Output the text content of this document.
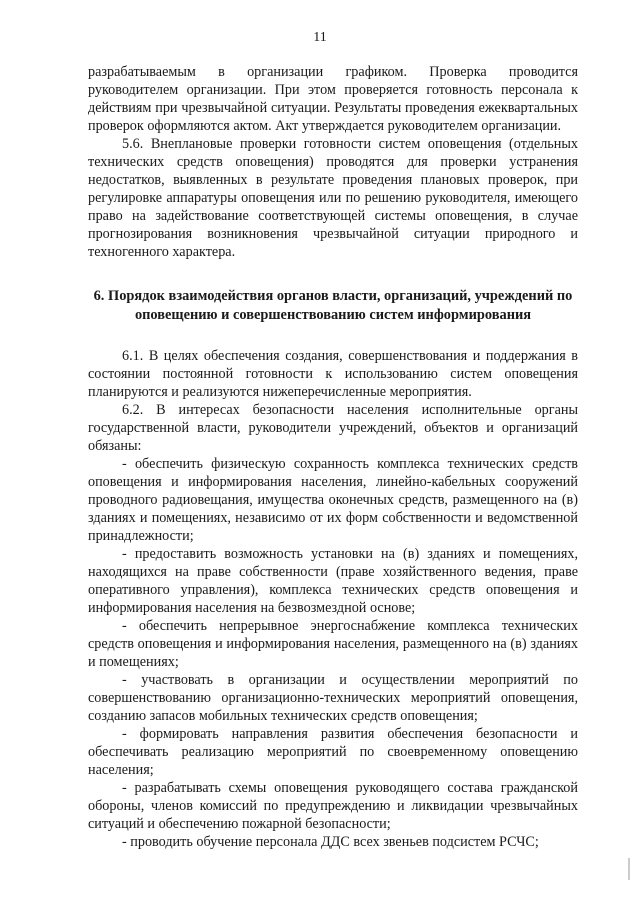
11

разрабатываемым в организации графиком. Проверка проводится руководителем организации. При этом проверяется готовность персонала к действиям при чрезвычайной ситуации. Результаты проведения ежеквартальных проверок оформляются актом. Акт утверждается руководителем организации.

5.6. Внеплановые проверки готовности систем оповещения (отдельных технических средств оповещения) проводятся для проверки устранения недостатков, выявленных в результате проведения плановых проверок, при регулировке аппаратуры оповещения или по решению руководителя, имеющего право на задействование соответствующей системы оповещения, в случае прогнозирования возникновения чрезвычайной ситуации природного и техногенного характера.

6. Порядок взаимодействия органов власти, организаций, учреждений по оповещению и совершенствованию систем информирования

6.1. В целях обеспечения создания, совершенствования и поддержания в состоянии постоянной готовности к использованию систем оповещения планируются и реализуются нижеперечисленные мероприятия.

6.2. В интересах безопасности населения исполнительные органы государственной власти, руководители учреждений, объектов и организаций обязаны:

- обеспечить физическую сохранность комплекса технических средств оповещения и информирования населения, линейно-кабельных сооружений проводного радиовещания, имущества оконечных средств, размещенного на (в) зданиях и помещениях, независимо от их форм собственности и ведомственной принадлежности;

- предоставить возможность установки на (в) зданиях и помещениях, находящихся на праве собственности (праве хозяйственного ведения, праве оперативного управления), комплекса технических средств оповещения и информирования населения на безвозмездной основе;

- обеспечить непрерывное энергоснабжение комплекса технических средств оповещения и информирования населения, размещенного на (в) зданиях и помещениях;

- участвовать в организации и осуществлении мероприятий по совершенствованию организационно-технических мероприятий оповещения, созданию запасов мобильных технических средств оповещения;

- формировать направления развития обеспечения безопасности и обеспечивать реализацию мероприятий по своевременному оповещению населения;

- разрабатывать схемы оповещения руководящего состава гражданской обороны, членов комиссий по предупреждению и ликвидации чрезвычайных ситуаций и обеспечению пожарной безопасности;

- проводить обучение персонала ДДС всех звеньев подсистем РСЧС;
